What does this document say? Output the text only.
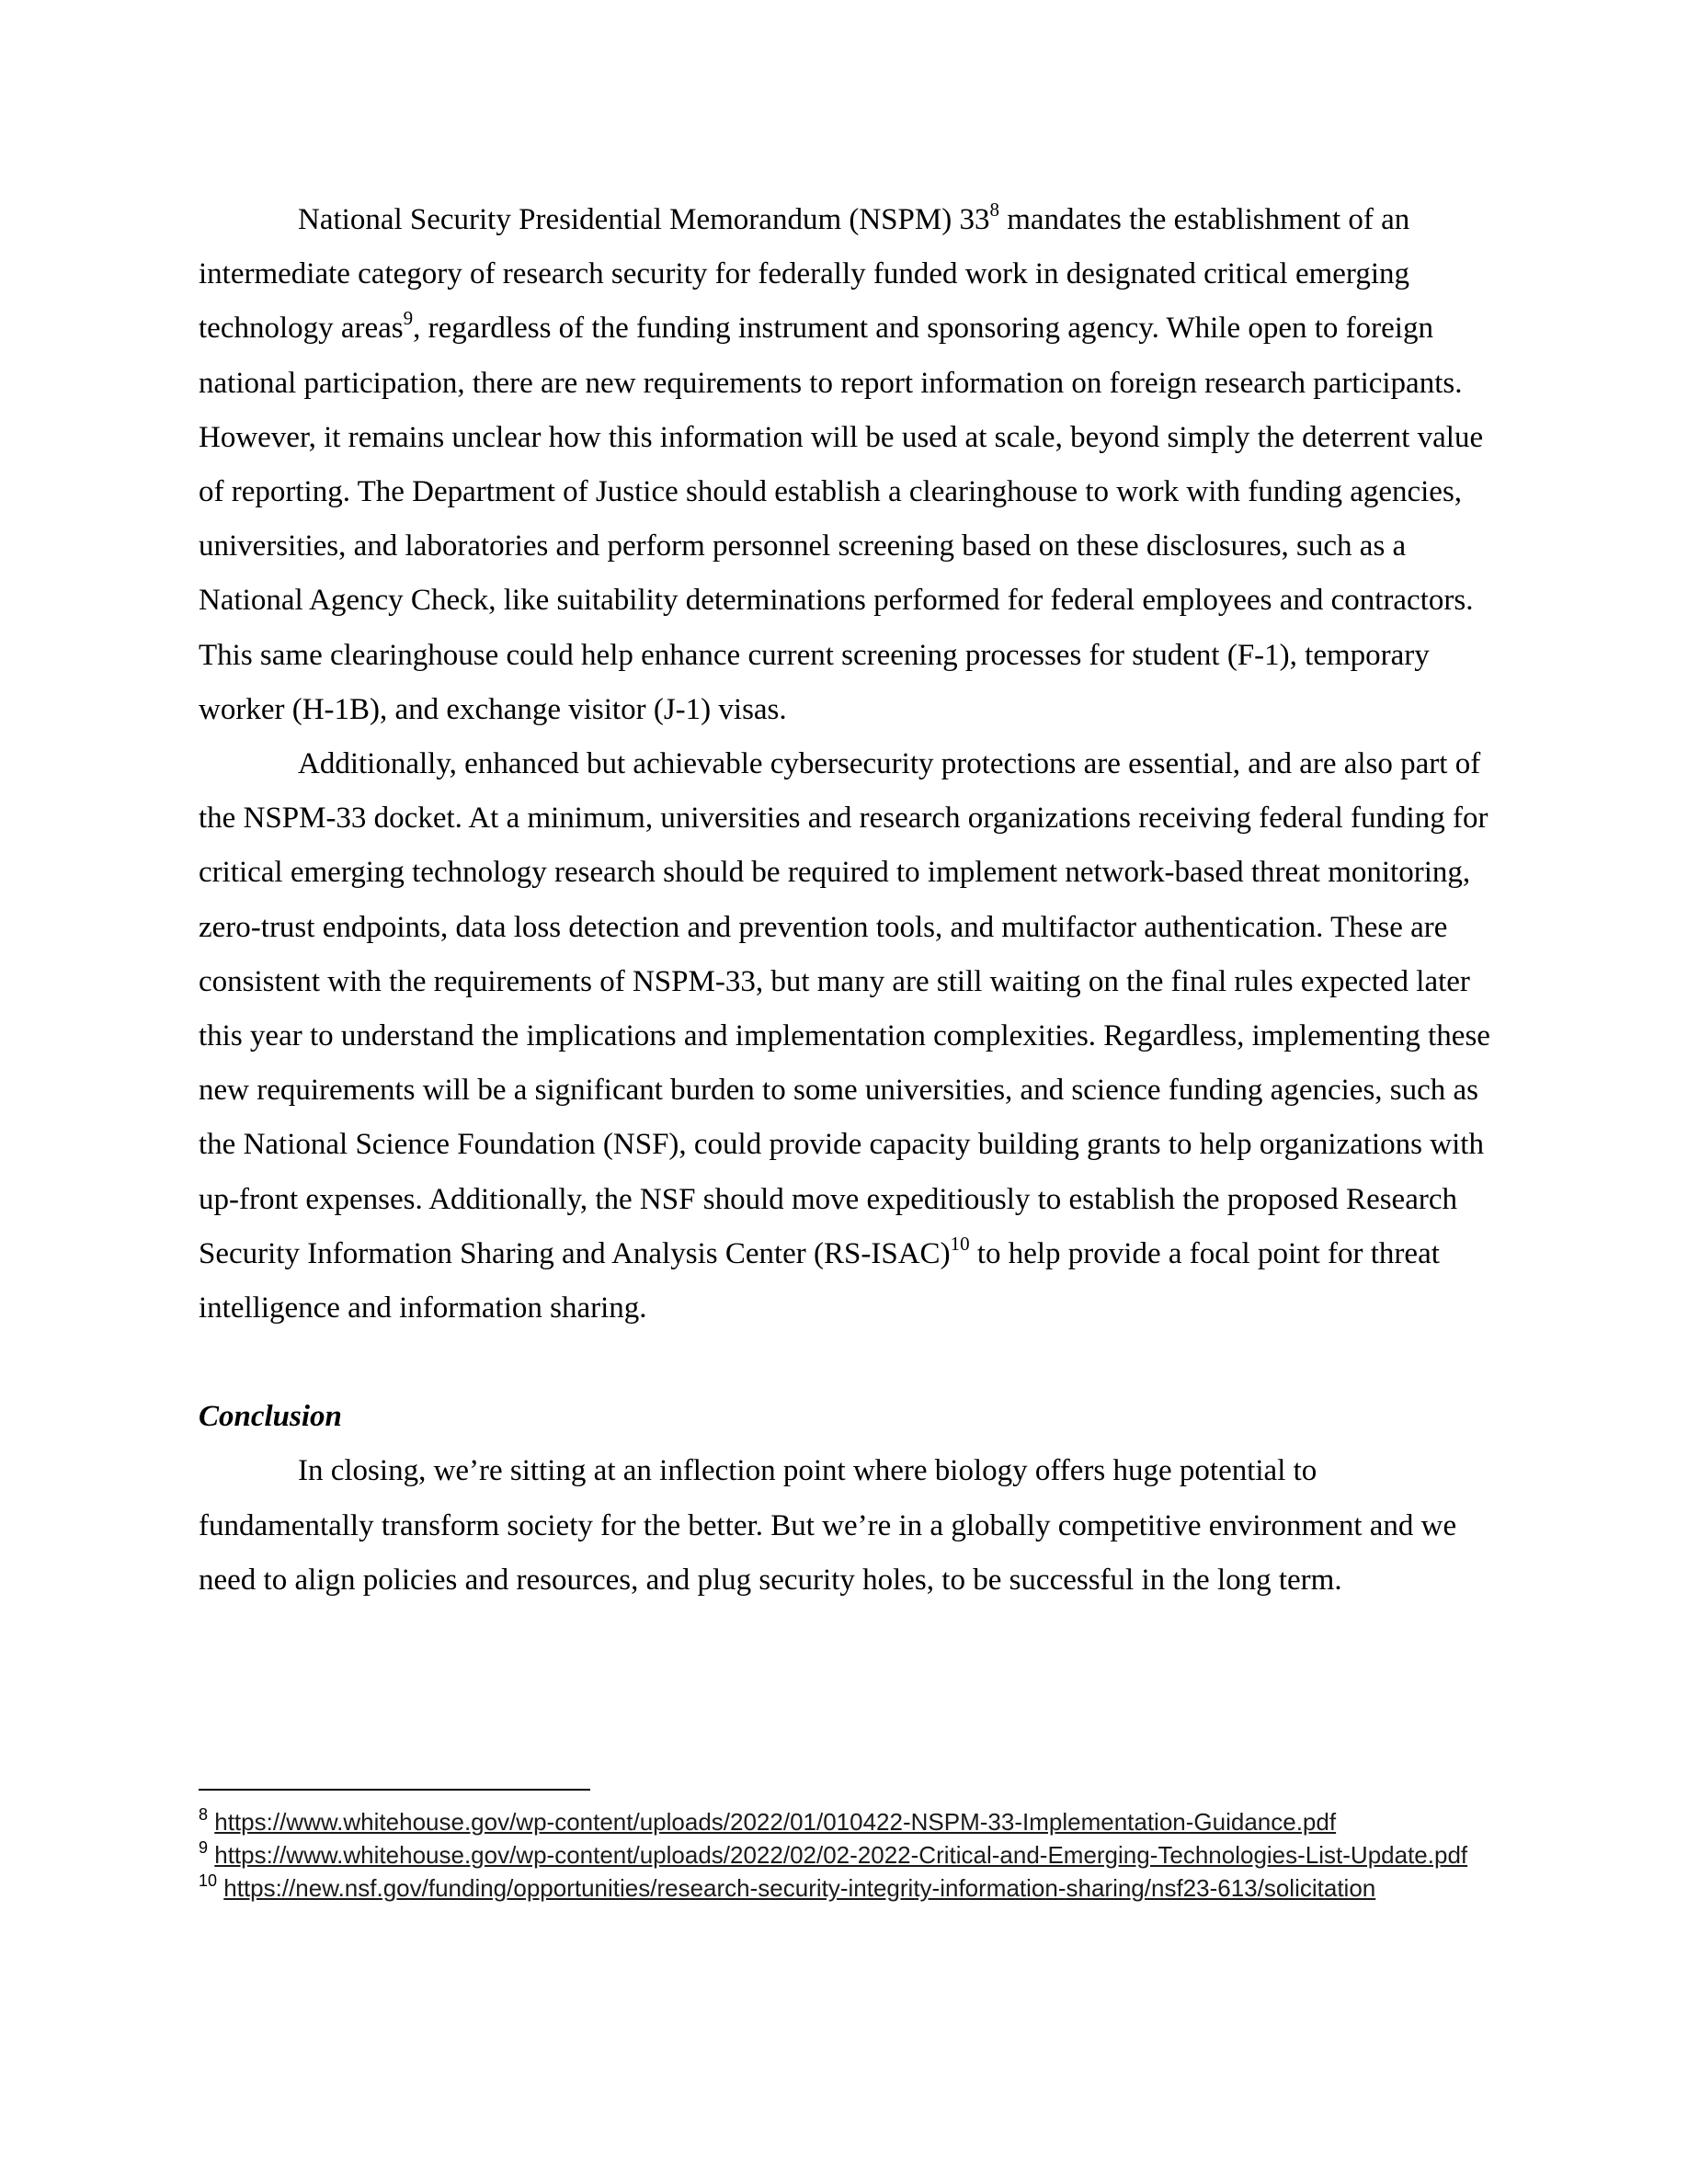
National Security Presidential Memorandum (NSPM) $33^8$ mandates the establishment of an intermediate category of research security for federally funded work in designated critical emerging technology areas$^9$, regardless of the funding instrument and sponsoring agency. While open to foreign national participation, there are new requirements to report information on foreign research participants. However, it remains unclear how this information will be used at scale, beyond simply the deterrent value of reporting. The Department of Justice should establish a clearinghouse to work with funding agencies, universities, and laboratories and perform personnel screening based on these disclosures, such as a National Agency Check, like suitability determinations performed for federal employees and contractors. This same clearinghouse could help enhance current screening processes for student (F-1), temporary worker (H-1B), and exchange visitor (J-1) visas.

Additionally, enhanced but achievable cybersecurity protections are essential, and are also part of the NSPM-33 docket. At a minimum, universities and research organizations receiving federal funding for critical emerging technology research should be required to implement network-based threat monitoring, zero-trust endpoints, data loss detection and prevention tools, and multifactor authentication. These are consistent with the requirements of NSPM-33, but many are still waiting on the final rules expected later this year to understand the implications and implementation complexities. Regardless, implementing these new requirements will be a significant burden to some universities, and science funding agencies, such as the National Science Foundation (NSF), could provide capacity building grants to help organizations with up-front expenses. Additionally, the NSF should move expeditiously to establish the proposed Research Security Information Sharing and Analysis Center (RS-ISAC)$^{10}$ to help provide a focal point for threat intelligence and information sharing.

Conclusion

In closing, we’re sitting at an inflection point where biology offers huge potential to fundamentally transform society for the better. But we’re in a globally competitive environment and we need to align policies and resources, and plug security holes, to be successful in the long term.

$^8$ https://www.whitehouse.gov/wp-content/uploads/2022/01/010422-NSPM-33-Implementation-Guidance.pdf

$^9$ https://www.whitehouse.gov/wp-content/uploads/2022/02/02-2022-Critical-and-Emerging-Technologies-List-Update.pdf

$^{10}$ https://new.nsf.gov/funding/opportunities/research-security-integrity-information-sharing/nsf23-613/solicitation
